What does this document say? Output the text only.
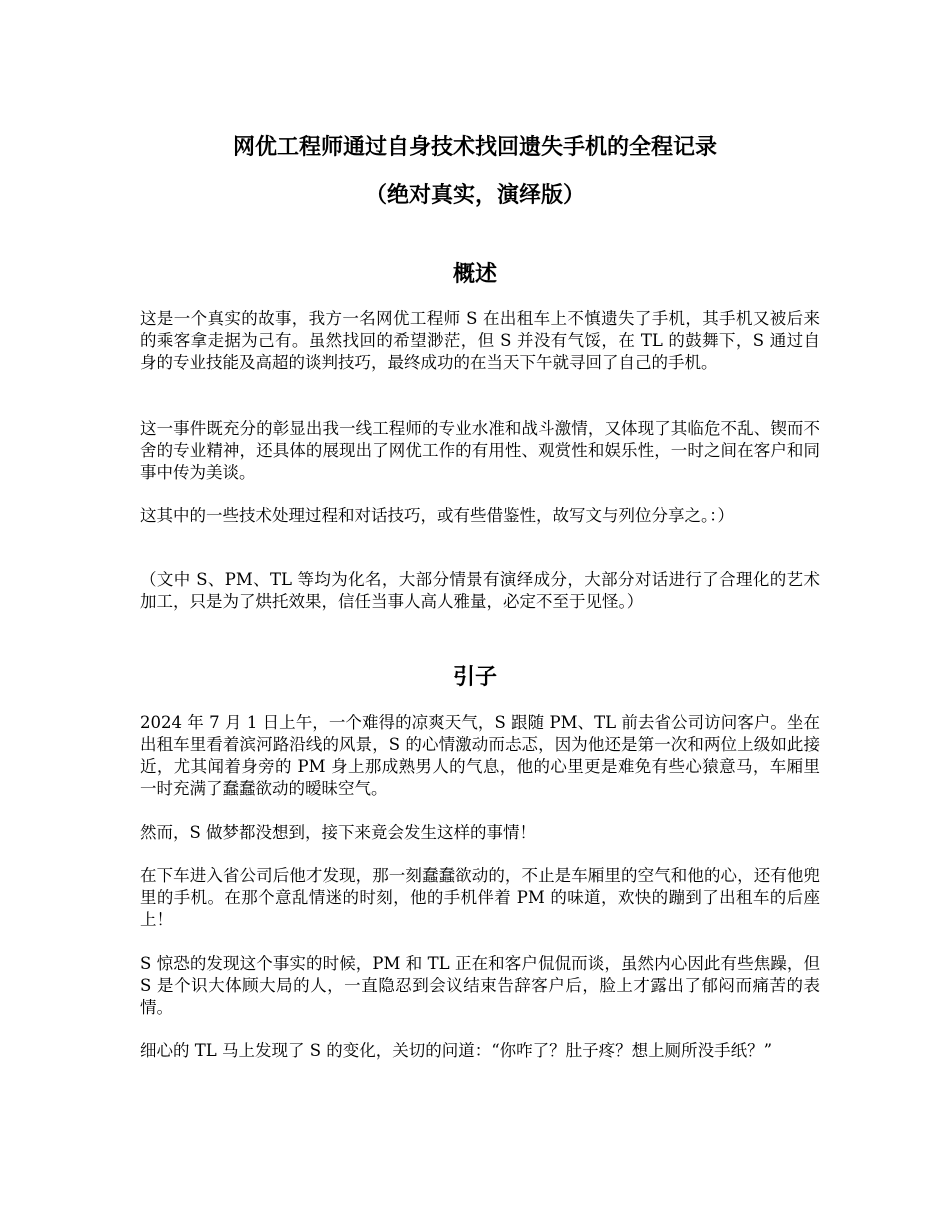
网优工程师通过自身技术找回遗失手机的全程记录
（绝对真实，演绎版）
概述

这是一个真实的故事，我方一名网优工程师 S 在出租车上不慎遗失了手机，其手机又被后来的乘客拿走据为己有。虽然找回的希望渺茫，但 S 并没有气馁，在 TL 的鼓舞下，S 通过自身的专业技能及高超的谈判技巧，最终成功的在当天下午就寻回了自己的手机。

这一事件既充分的彰显出我一线工程师的专业水准和战斗激情，又体现了其临危不乱、锲而不舍的专业精神，还具体的展现出了网优工作的有用性、观赏性和娱乐性，一时之间在客户和同事中传为美谈。

这其中的一些技术处理过程和对话技巧，或有些借鉴性，故写文与列位分享之。：）

（文中 S、PM、TL 等均为化名，大部分情景有演绎成分，大部分对话进行了合理化的艺术加工，只是为了烘托效果，信任当事人高人雅量，必定不至于见怪。）

引子

2024 年 7 月 1 日上午，一个难得的凉爽天气，S 跟随 PM、TL 前去省公司访问客户。坐在出租车里看着滨河路沿线的风景，S 的心情激动而忐忑，因为他还是第一次和两位上级如此接近，尤其闻着身旁的 PM 身上那成熟男人的气息，他的心里更是难免有些心猿意马，车厢里一时充满了蠢蠢欲动的暧昧空气。

然而，S 做梦都没想到，接下来竟会发生这样的事情！

在下车进入省公司后他才发现，那一刻蠢蠢欲动的，不止是车厢里的空气和他的心，还有他兜里的手机。在那个意乱情迷的时刻，他的手机伴着 PM 的味道，欢快的蹦到了出租车的后座上！

S 惊恐的发现这个事实的时候，PM 和 TL 正在和客户侃侃而谈，虽然内心因此有些焦躁，但 S 是个识大体顾大局的人，一直隐忍到会议结束告辞客户后，脸上才露出了郁闷而痛苦的表情。

细心的 TL 马上发现了 S 的变化，关切的问道：“你咋了？肚子疼？想上厕所没手纸？”
